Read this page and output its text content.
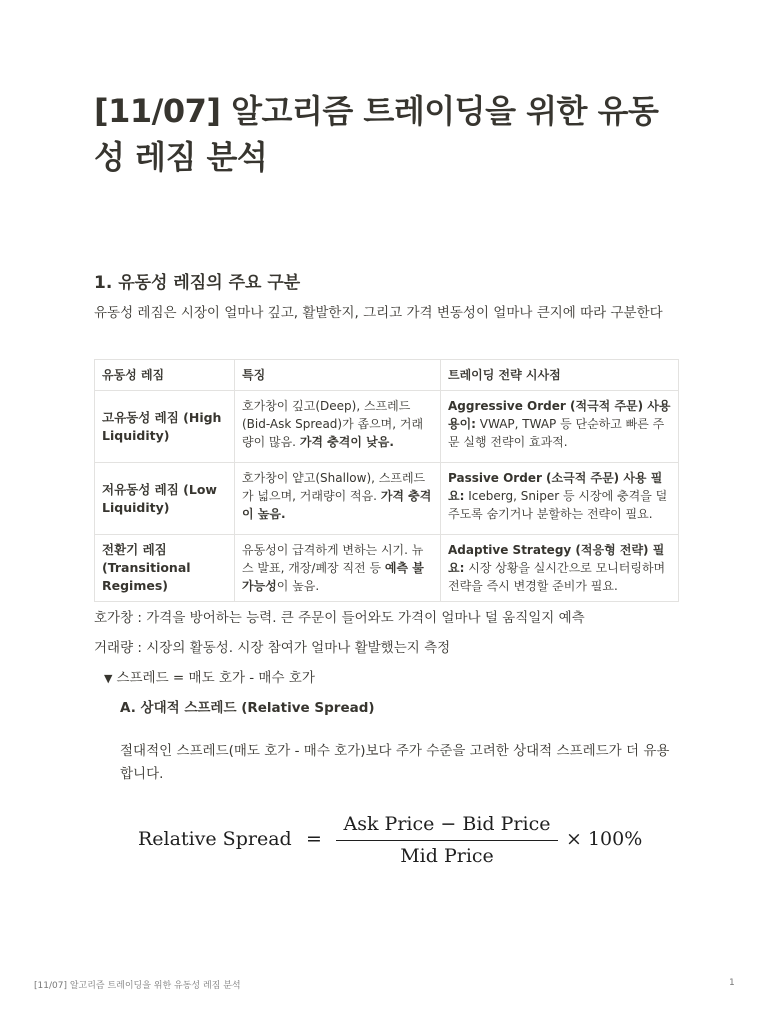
[11/07] 알고리즘 트레이딩을 위한 유동성 레짐 분석
1. 유동성 레짐의 주요 구분

유동성 레짐은 시장이 얼마나 깊고, 활발한지, 그리고 가격 변동성이 얼마나 큰지에 따라 구분한다

유동성 레짐	특징	트레이딩 전략 시사점
고유동성 레짐 (High Liquidity)	호가창이 깊고(Deep), 스프레드(Bid-Ask Spread)가 좁으며, 거래량이 많음. 가격 충격이 낮음.	Aggressive Order (적극적 주문) 사용 용이: VWAP, TWAP 등 단순하고 빠른 주문 실행 전략이 효과적.
저유동성 레짐 (Low Liquidity)	호가창이 얕고(Shallow), 스프레드가 넓으며, 거래량이 적음. 가격 충격이 높음.	Passive Order (소극적 주문) 사용 필요: Iceberg, Sniper 등 시장에 충격을 덜 주도록 숨기거나 분할하는 전략이 필요.
전환기 레짐 (Transitional Regimes)	유동성이 급격하게 변하는 시기. 뉴스 발표, 개장/폐장 직전 등 예측 불가능성이 높음.	Adaptive Strategy (적응형 전략) 필요: 시장 상황을 실시간으로 모니터링하며 전략을 즉시 변경할 준비가 필요.
호가창 : 가격을 방어하는 능력. 큰 주문이 들어와도 가격이 얼마나 덜 움직일지 예측
거래량 : 시장의 활동성. 시장 참여가 얼마나 활발했는지 측정
▼ 스프레드 = 매도 호가 - 매수 호가
A. 상대적 스프레드 (Relative Spread)

절대적인 스프레드(매도 호가 - 매수 호가)보다 주가 수준을 고려한 상대적 스프레드가 더 유용합니다.

Relative Spread =
Ask Price − Bid Price
Mid Price
× 100%
[11/07] 알고리즘 트레이딩을 위한 유동성 레짐 분석	1
